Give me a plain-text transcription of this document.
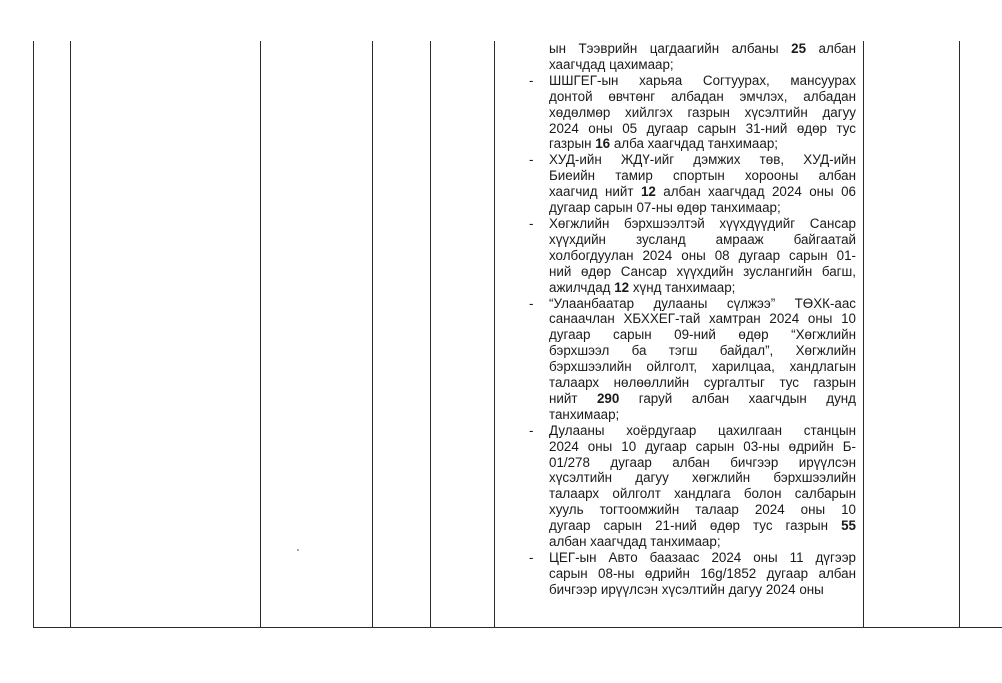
ын Тээврийн цагдаагийн албаны 25 албан
хаагчдад цахимаар;

- ШШГЕГ-ын харьяа Согтуурах, мансуурах
донтой өвчтөнг албадан эмчлэх, албадан
хөдөлмөр хийлгэх газрын хүсэлтийн дагуу
2024 оны 05 дугаар сарын 31-ний өдөр тус
газрын 16 алба хаагчдад танхимаар;

- ХУД-ийн ЖДҮ-ийг дэмжих төв, ХУД-ийн
Биеийн тамир спортын хорооны албан
хаагчид нийт 12 албан хаагчдад 2024 оны 06
дугаар сарын 07-ны өдөр танхимаар;

- Хөгжлийн бэрхшээлтэй хүүхдүүдийг Сансар
хүүхдийн зусланд амрааж байгаатай
холбогдуулан 2024 оны 08 дугаар сарын 01-
ний өдөр Сансар хүүхдийн зуслангийн багш,
ажилчдад 12 хүнд танхимаар;

- “Улаанбаатар дулааны сүлжээ” ТӨХК-аас
санаачлан ХБХХЕГ-тай хамтран 2024 оны 10
дугаар сарын 09-ний өдөр “Хөгжлийн
бэрхшээл ба тэгш байдал”, Хөгжлийн
бэрхшээлийн ойлголт, харилцаа, хандлагын
талаарх нөлөөллийн сургалтыг тус газрын
нийт 290 гаруй албан хаагчдын дунд
танхимаар;

- Дулааны хоёрдугаар цахилгаан станцын
2024 оны 10 дугаар сарын 03-ны өдрийн Б-
01/278 дугаар албан бичгээр ирүүлсэн
хүсэлтийн дагуу хөгжлийн бэрхшээлийн
талаарх ойлголт хандлага болон салбарын
хууль тогтоомжийн талаар 2024 оны 10
дугаар сарын 21-ний өдөр тус газрын 55
албан хаагчдад танхимаар;

- ЦЕГ-ын Авто баазаас 2024 оны 11 дүгээр
сарын 08-ны өдрийн 16g/1852 дугаар албан
бичгээр ирүүлсэн хүсэлтийн дагуу 2024 оны
